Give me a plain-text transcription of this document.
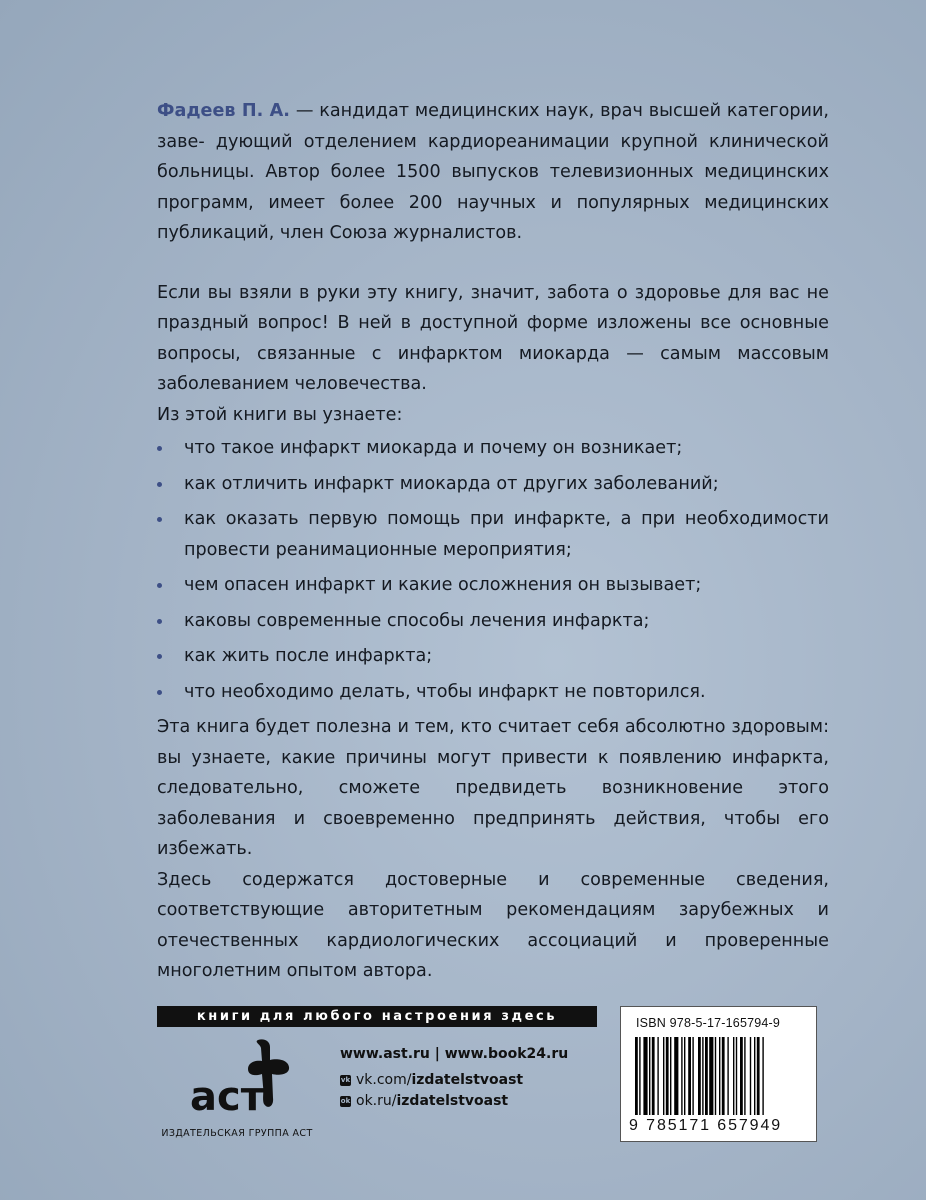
Фадеев П. А. — кандидат медицинских наук, врач высшей категории, заве- дующий отделением кардиореанимации крупной клинической больницы. Автор более 1500 выпусков телевизионных медицинских программ, имеет более 200 научных и популярных медицинских публикаций, член Союза журналистов.

Если вы взяли в руки эту книгу, значит, забота о здоровье для вас не праздный вопрос! В ней в доступной форме изложены все основные вопросы, связанные с инфарктом миокарда — самым массовым заболеванием человечества.

Из этой книги вы узнаете:

что такое инфаркт миокарда и почему он возникает;
как отличить инфаркт миокарда от других заболеваний;
как оказать первую помощь при инфаркте, а при необходимости провести реанимационные мероприятия;
чем опасен инфаркт и какие осложнения он вызывает;
каковы современные способы лечения инфаркта;
как жить после инфаркта;
что необходимо делать, чтобы инфаркт не повторился.

Эта книга будет полезна и тем, кто считает себя абсолютно здоровым: вы узнаете, какие причины могут привести к появлению инфаркта, следовательно, сможете предвидеть возникновение этого заболевания и своевременно предпринять действия, чтобы его избежать.

Здесь содержатся достоверные и современные сведения, соответствующие авторитетным рекомендациям зарубежных и отечественных кардиологических ассоциаций и проверенные многолетним опытом автора.

книги для любого настроения здесь
аст
ИЗДАТЕЛЬСКАЯ ГРУППА АСТ
www.ast.ru | www.book24.ru
vk vk.com/ izdatelstvoast
ok ok.ru/ izdatelstvoast
ISBN 978-5-17-165794-9
9 785171 657949
